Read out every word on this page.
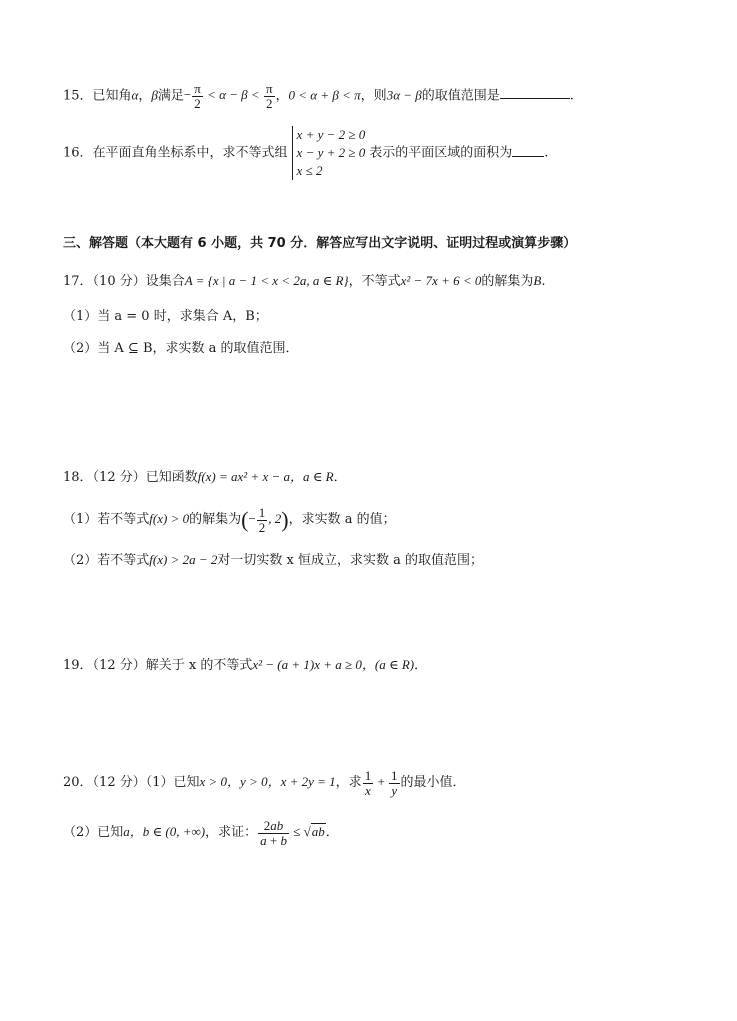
15．已知角α，β满足− $\frac{\pi}{2} < \alpha - \beta < \frac{\pi}{2}$ ，0 < α + β < π，则3α − β的取值范围是	.
16．在平面直角坐标系中，求不等式组
x + y − 2 ≥ 0
x − y + 2 ≥ 0
x ≤ 2
表示的平面区域的面积为 .
三、解答题（本大题有 6 小题，共 70 分．解答应写出文字说明、证明过程或演算步骤）
17．（10 分）设集合A = {x | a − 1 < x < 2a, a ∈ R}，不等式x² − 7x + 6 < 0的解集为B.
（1）当 a = 0 时，求集合 A，B；
（2）当 A ⊆ B，求实数 a 的取值范围．
18．（12 分）已知函数f(x) = ax² + x − a，a ∈ R．
（1）若不等式f(x) > 0的解集为(− $\frac{1}{2}$ , 2)，求实数 a 的值；
（2）若不等式f(x) > 2a − 2对一切实数 x 恒成立，求实数 a 的取值范围；
19．（12 分）解关于 x 的不等式x² − (a + 1)x + a ≥ 0，(a ∈ R)．
20．（12 分）（1）已知x > 0，y > 0，x + 2y = 1，求 $\frac{1}{x} + \frac{1}{y}$ 的最小值．
（2）已知a，b ∈ (0, +∞)，求证： $\frac{2ab}{a + b} \le √ab$．
